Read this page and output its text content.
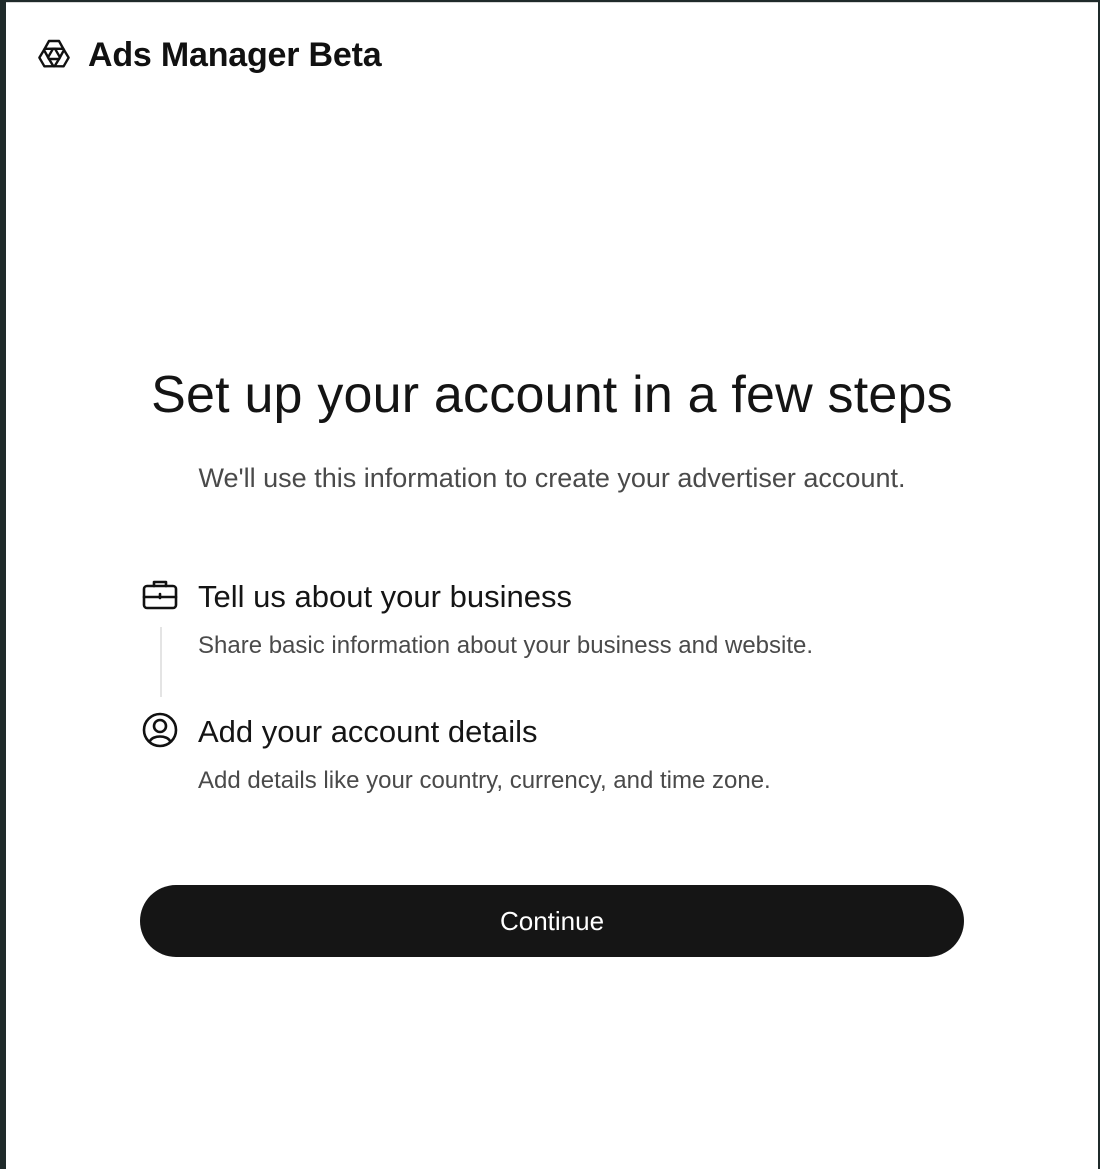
Ads Manager Beta
Set up your account in a few steps

We'll use this information to create your advertiser account.

Tell us about your business
Share basic information about your business and website.
Add your account details
Add details like your country, currency, and time zone.
Continue
